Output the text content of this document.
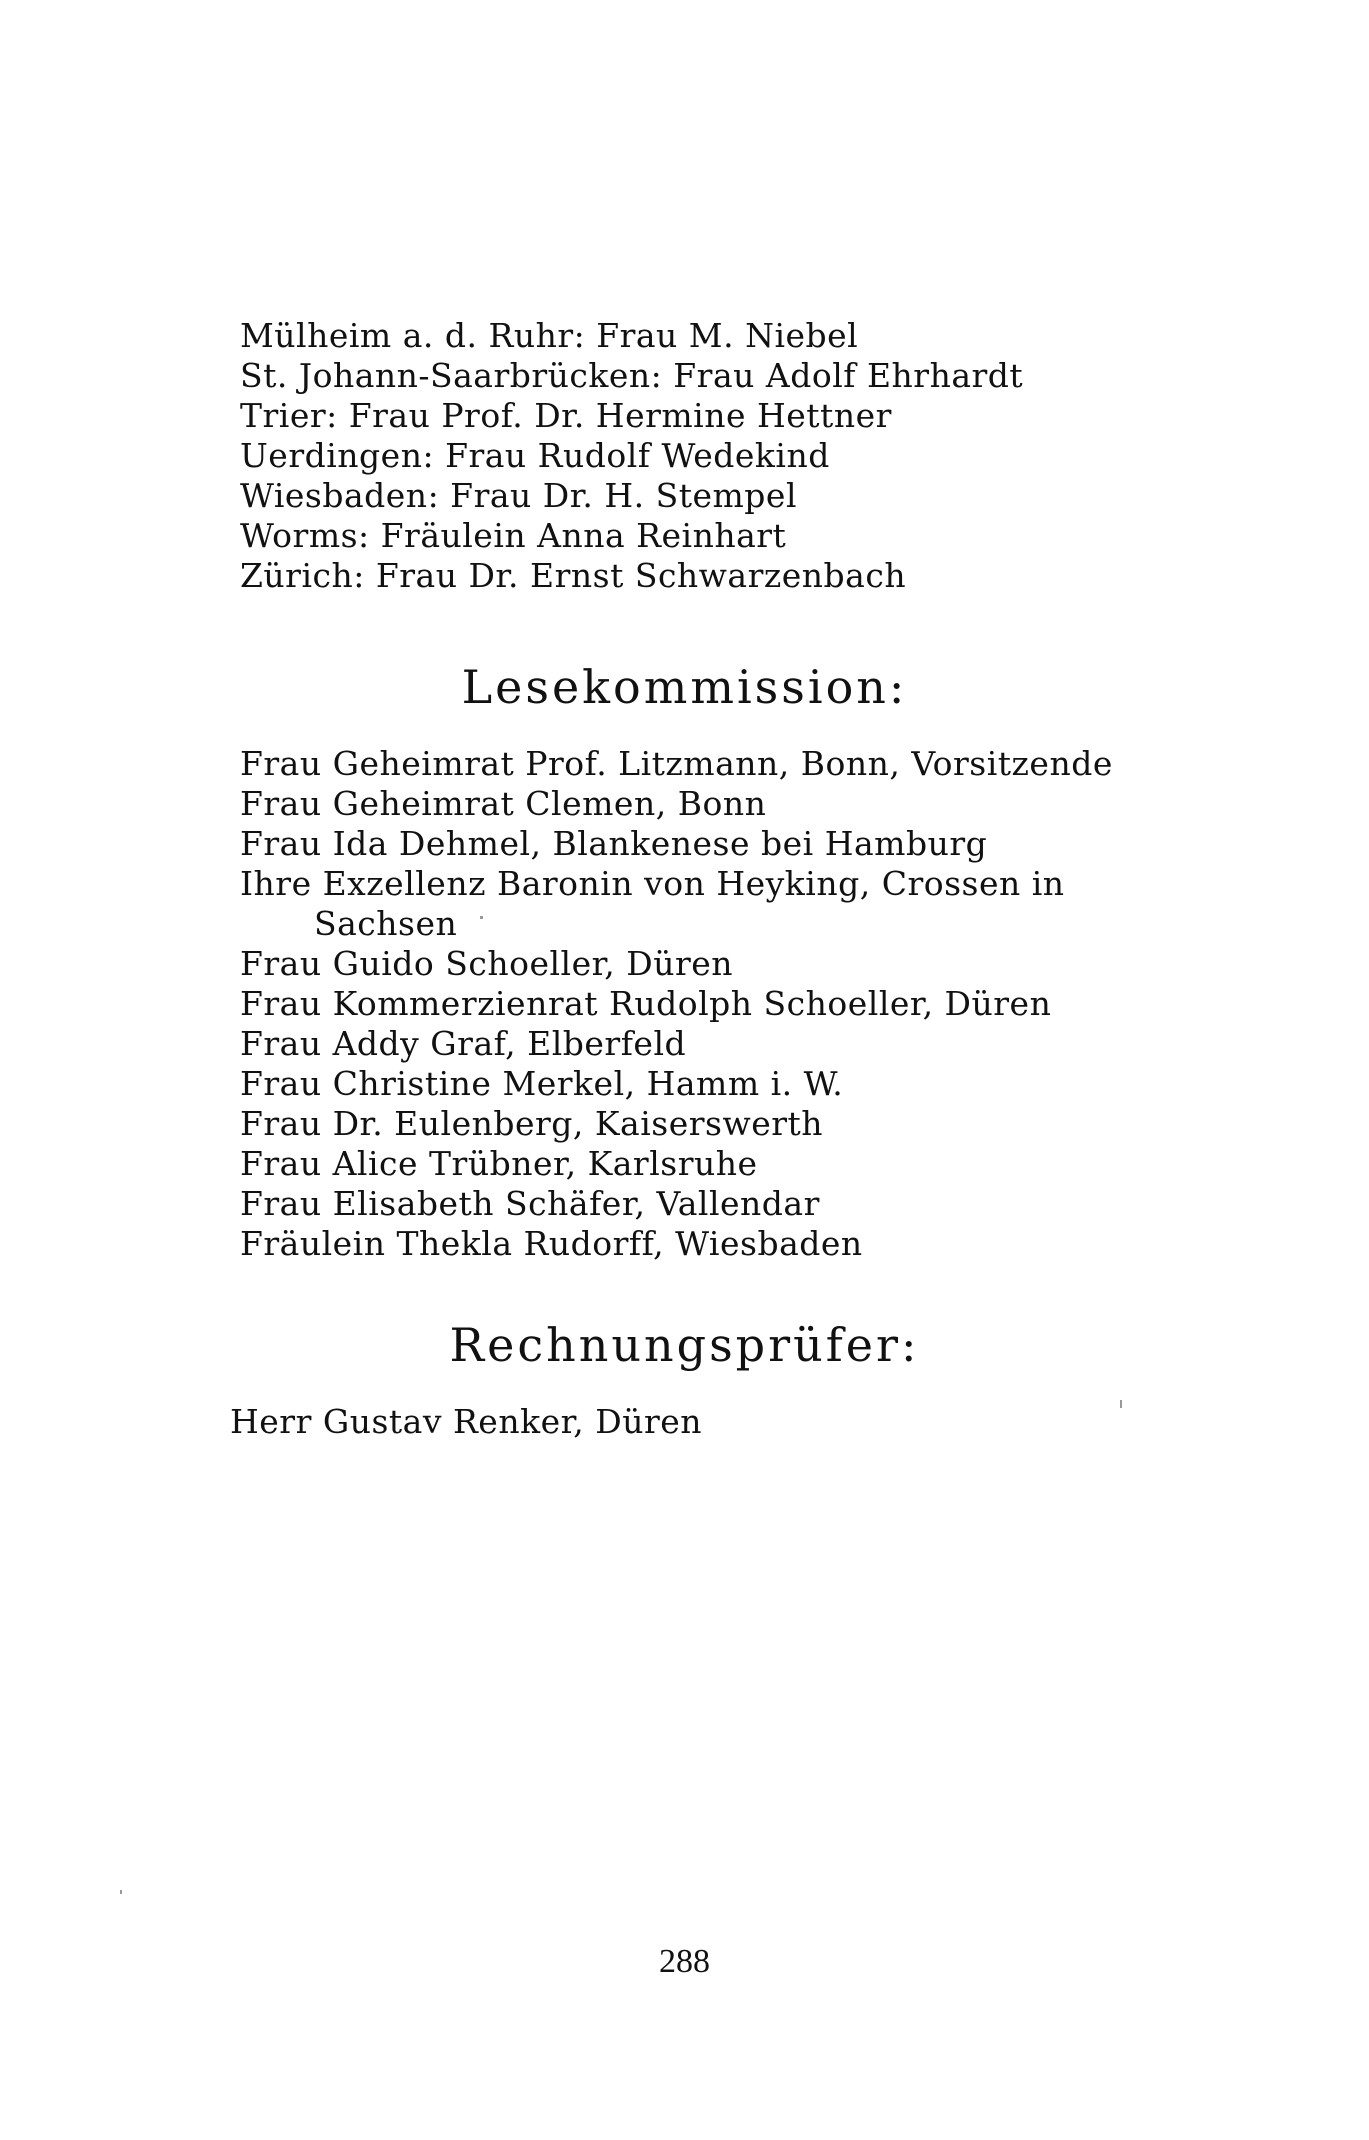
Mülheim a. d. Ruhr: Frau M. Niebel
St. Johann-Saarbrücken: Frau Adolf Ehrhardt
Trier: Frau Prof. Dr. Hermine Hettner
Uerdingen: Frau Rudolf Wedekind
Wiesbaden: Frau Dr. H. Stempel
Worms: Fräulein Anna Reinhart
Zürich: Frau Dr. Ernst Schwarzenbach
Lesekommission:
Frau Geheimrat Prof. Litzmann, Bonn, Vorsitzende
Frau Geheimrat Clemen, Bonn
Frau Ida Dehmel, Blankenese bei Hamburg
Ihre Exzellenz Baronin von Heyking, Crossen in
Sachsen
Frau Guido Schoeller, Düren
Frau Kommerzienrat Rudolph Schoeller, Düren
Frau Addy Graf, Elberfeld
Frau Christine Merkel, Hamm i. W.
Frau Dr. Eulenberg, Kaiserswerth
Frau Alice Trübner, Karlsruhe
Frau Elisabeth Schäfer, Vallendar
Fräulein Thekla Rudorff, Wiesbaden
Rechnungsprüfer:
Herr Gustav Renker, Düren
288
